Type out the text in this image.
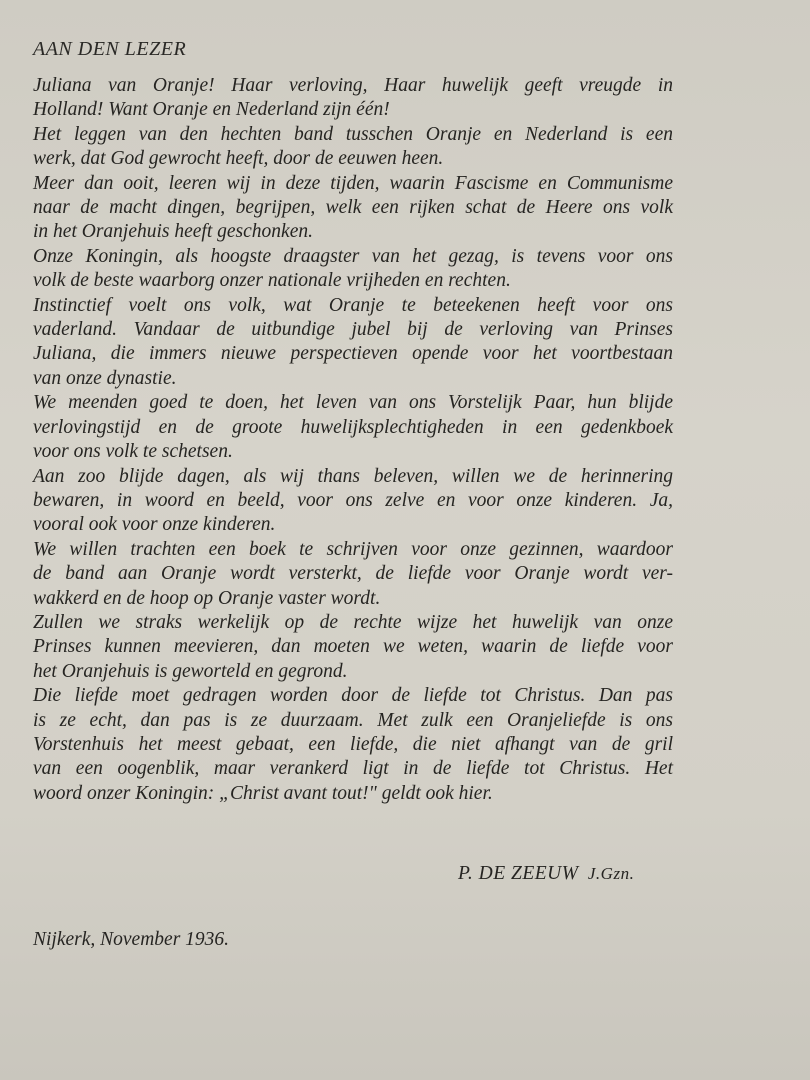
AAN DEN LEZER
Juliana van Oranje! Haar verloving, Haar huwelijk geeft vreugde in
Holland! Want Oranje en Nederland zijn één!
Het leggen van den hechten band tusschen Oranje en Nederland is een
werk, dat God gewrocht heeft, door de eeuwen heen.
Meer dan ooit, leeren wij in deze tijden, waarin Fascisme en Communisme
naar de macht dingen, begrijpen, welk een rijken schat de Heere ons volk
in het Oranjehuis heeft geschonken.
Onze Koningin, als hoogste draagster van het gezag, is tevens voor ons
volk de beste waarborg onzer nationale vrijheden en rechten.
Instinctief voelt ons volk, wat Oranje te beteekenen heeft voor ons
vaderland. Vandaar de uitbundige jubel bij de verloving van Prinses
Juliana, die immers nieuwe perspectieven opende voor het voortbestaan
van onze dynastie.
We meenden goed te doen, het leven van ons Vorstelijk Paar, hun blijde
verlovingstijd en de groote huwelijksplechtigheden in een gedenkboek
voor ons volk te schetsen.
Aan zoo blijde dagen, als wij thans beleven, willen we de herinnering
bewaren, in woord en beeld, voor ons zelve en voor onze kinderen. Ja,
vooral ook voor onze kinderen.
We willen trachten een boek te schrijven voor onze gezinnen, waardoor
de band aan Oranje wordt versterkt, de liefde voor Oranje wordt ver-
wakkerd en de hoop op Oranje vaster wordt.
Zullen we straks werkelijk op de rechte wijze het huwelijk van onze
Prinses kunnen meevieren, dan moeten we weten, waarin de liefde voor
het Oranjehuis is geworteld en gegrond.
Die liefde moet gedragen worden door de liefde tot Christus. Dan pas
is ze echt, dan pas is ze duurzaam. Met zulk een Oranjeliefde is ons
Vorstenhuis het meest gebaat, een liefde, die niet afhangt van de gril
van een oogenblik, maar verankerd ligt in de liefde tot Christus. Het
woord onzer Koningin: „Christ avant tout!" geldt ook hier.
P. DE ZEEUW J.Gzn.
Nijkerk, November 1936.
